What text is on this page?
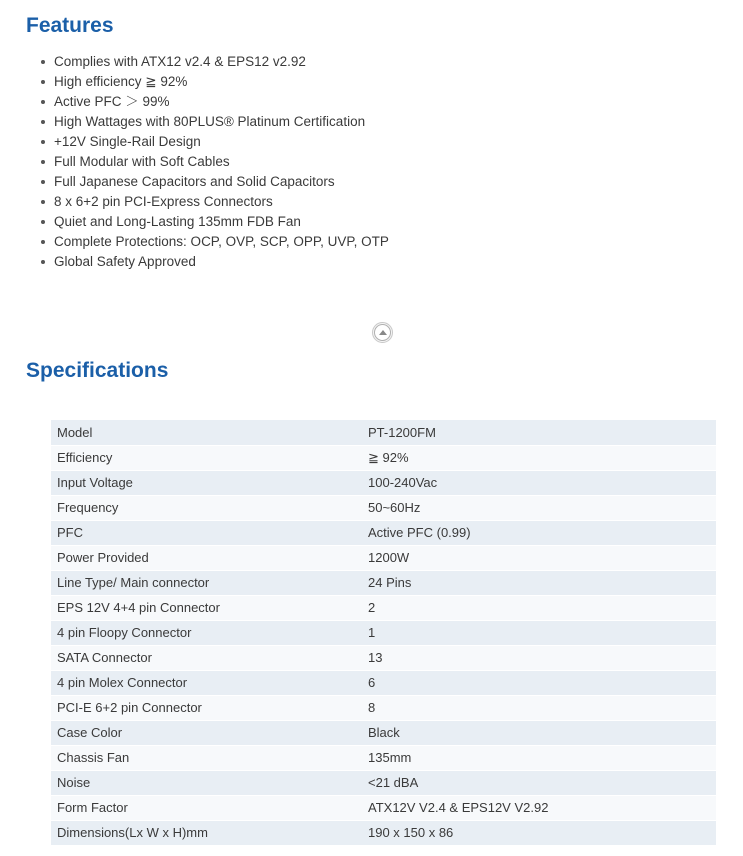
Features
Complies with ATX12 v2.4 & EPS12 v2.92
High efficiency ≧ 92%
Active PFC ＞ 99%
High Wattages with 80PLUS® Platinum Certification
+12V Single-Rail Design
Full Modular with Soft Cables
Full Japanese Capacitors and Solid Capacitors
8 x 6+2 pin PCI-Express Connectors
Quiet and Long-Lasting 135mm FDB Fan
Complete Protections: OCP, OVP, SCP, OPP, UVP, OTP
Global Safety Approved
Specifications
Model	PT-1200FM
Efficiency	≧ 92%
Input Voltage	100-240Vac
Frequency	50~60Hz
PFC	Active PFC (0.99)
Power Provided	1200W
Line Type/ Main connector	24 Pins
EPS 12V 4+4 pin Connector	2
4 pin Floopy Connector	1
SATA Connector	13
4 pin Molex Connector	6
PCI-E 6+2 pin Connector	8
Case Color	Black
Chassis Fan	135mm
Noise	<21 dBA
Form Factor	ATX12V V2.4 & EPS12V V2.92
Dimensions(Lx W x H)mm	190 x 150 x 86
